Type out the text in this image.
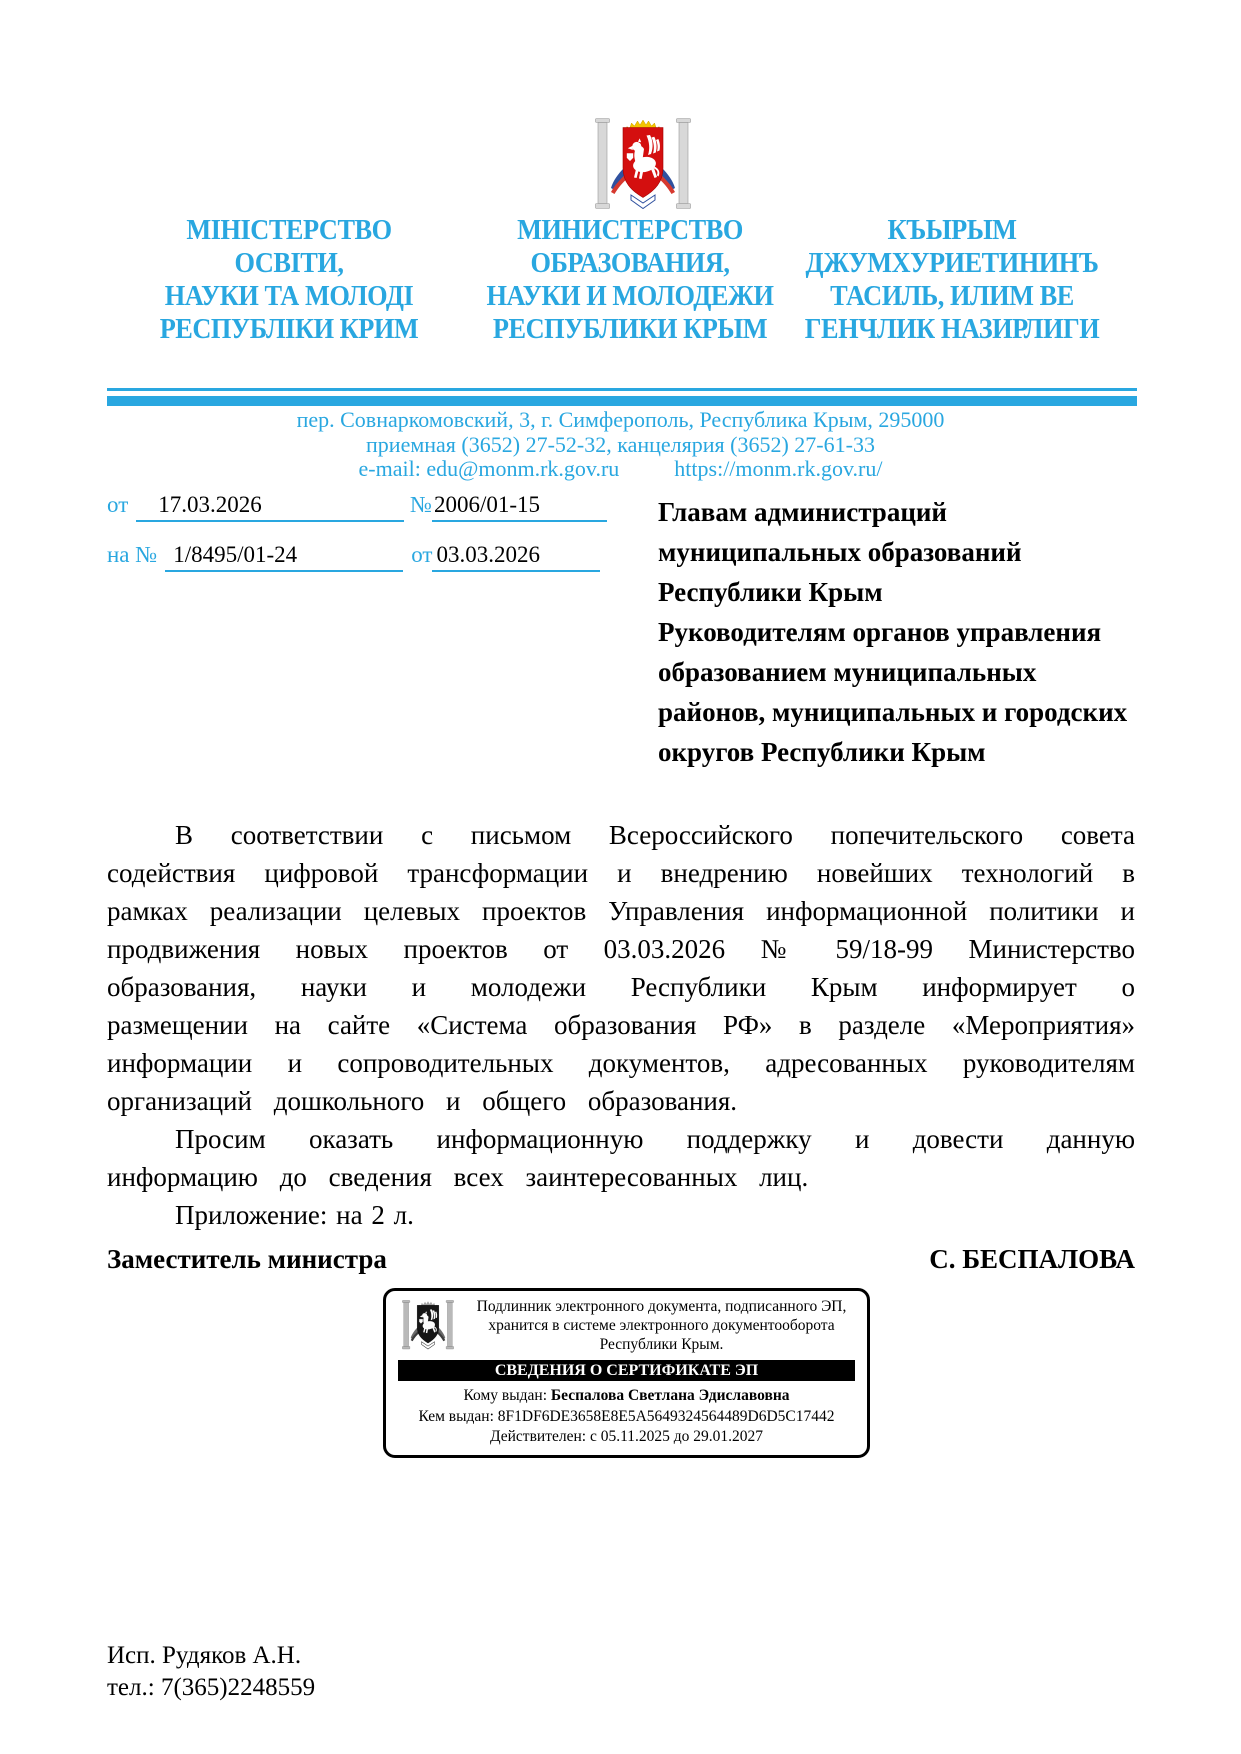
МІНІСТЕРСТВО
ОСВІТИ,
НАУКИ ТА МОЛОДІ
РЕСПУБЛІКИ КРИМ
МИНИСТЕРСТВО
ОБРАЗОВАНИЯ,
НАУКИ И МОЛОДЕЖИ
РЕСПУБЛИКИ КРЫМ
КЪЫРЫМ
ДЖУМХУРИЕТИНИНЪ
ТАСИЛЬ, ИЛИМ ВЕ
ГЕНЧЛИК НАЗИРЛИГИ
пер. Совнаркомовский, 3, г. Симферополь, Республика Крым, 295000
приемная (3652) 27-52-32, канцелярия (3652) 27-61-33
e-mail: edu@monm.rk.gov.ru	https://monm.rk.gov.ru/
от	17.03.2026	№ 2006/01-15
на № 1/8495/01-24	от 03.03.2026
Главам администраций
муниципальных образований
Республики Крым
Руководителям органов управления
образованием муниципальных
районов, муниципальных и городских
округов Республики Крым

В соответствии с письмом Всероссийского попечительского совета содействия цифровой трансформации и внедрению новейших технологий в рамках реализации целевых проектов Управления информационной политики и продвижения новых проектов от 03.03.2026 № 59/18-99 Министерство образования, науки и молодежи Республики Крым информирует о размещении на сайте «Система образования РФ» в разделе «Мероприятия» информации и сопроводительных документов, адресованных руководителям организаций дошкольного и общего образования.

Просим оказать информационную поддержку и довести данную информацию до сведения всех заинтересованных лиц.

Приложение: на 2 л.

Заместитель министра	С. БЕСПАЛОВА
Подлинник электронного документа, подписанного ЭП, хранится в системе электронного документооборота Республики Крым.
СВЕДЕНИЯ О СЕРТИФИКАТЕ ЭП
Кому выдан: Беспалова Светлана Эдиславовна
Кем выдан: 8F1DF6DE3658E8E5A5649324564489D6D5C17442
Действителен: с 05.11.2025 до 29.01.2027
Исп. Рудяков А.Н.
тел.: 7(365)2248559
